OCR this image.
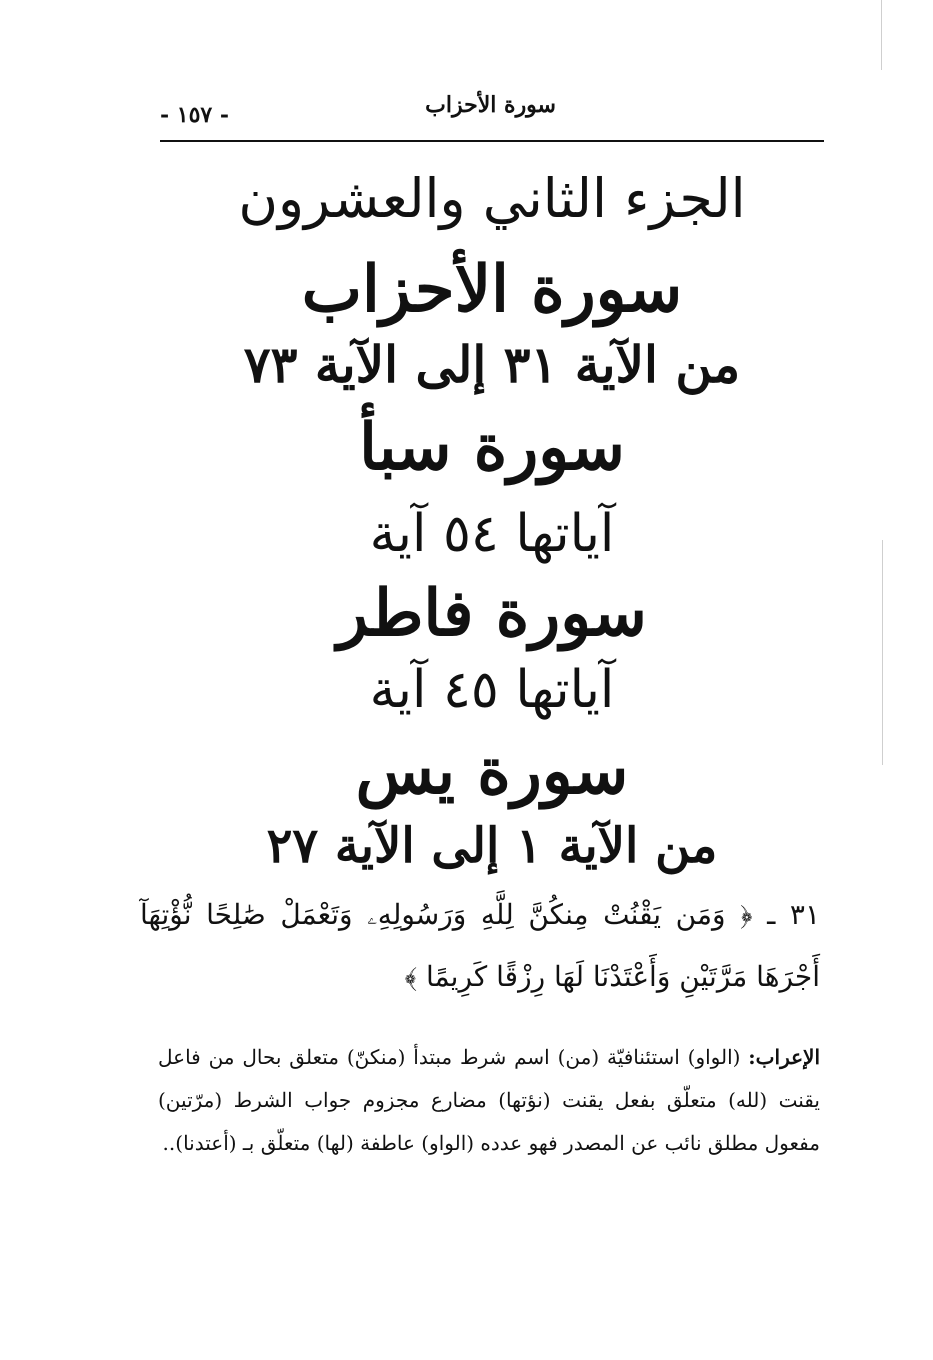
سورة الأحزاب
- ١٥٧ -
الجزء الثاني والعشرون
سورة الأحزاب
من الآية ٣١ إلى الآية ٧٣
سورة سبأ
آياتها ٥٤ آية
سورة فاطر
آياتها ٤٥ آية
سورة يس
من الآية ١ إلى الآية ٢٧
٣١ ـ ﴿ وَمَن يَقْنُتْ مِنكُنَّ لِلَّهِ وَرَسُولِهِۦ وَتَعْمَلْ صَٰلِحًا نُّؤْتِهَآ أَجْرَهَا مَرَّتَيْنِ وَأَعْتَدْنَا لَهَا رِزْقًا كَرِيمًا ﴾
الإعراب: (الواو) استئنافيّة (من) اسم شرط مبتدأ (منكنّ) متعلق بحال من فاعل يقنت (لله) متعلّق بفعل يقنت (نؤتها) مضارع مجزوم جواب الشرط (مرّتين) مفعول مطلق نائب عن المصدر فهو عدده (الواو) عاطفة (لها) متعلّق بـ (أعتدنا)..
